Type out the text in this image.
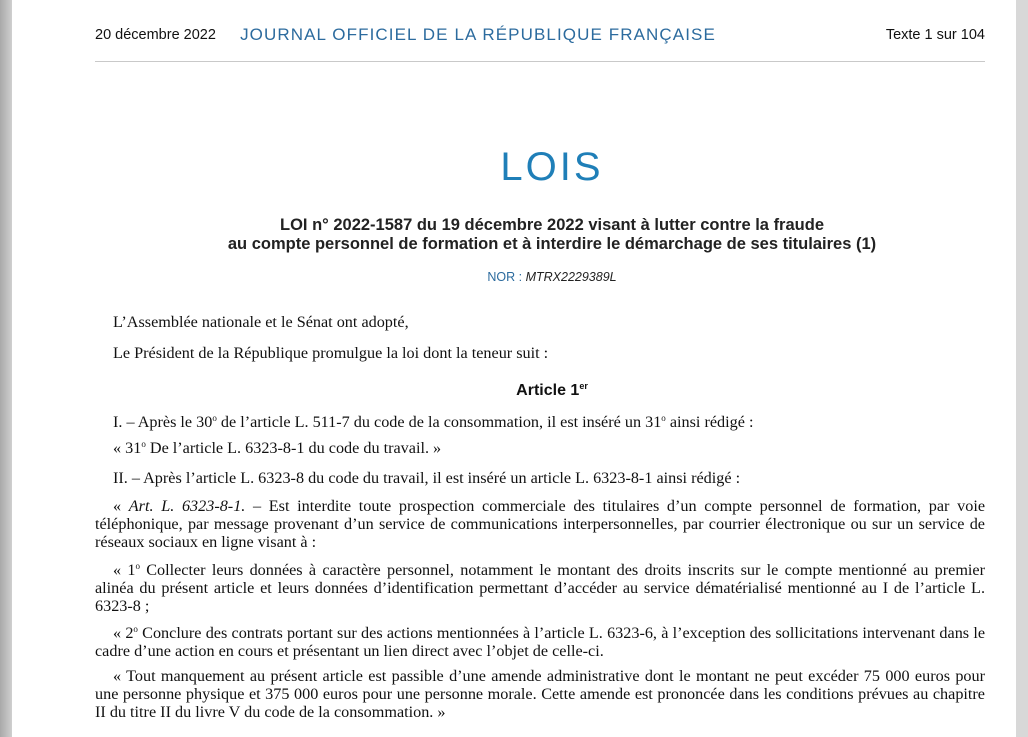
20 décembre 2022	JOURNAL OFFICIEL DE LA RÉPUBLIQUE FRANÇAISE	Texte 1 sur 104
LOIS
LOI n° 2022-1587 du 19 décembre 2022 visant à lutter contre la fraude
au compte personnel de formation et à interdire le démarchage de ses titulaires (1)
NOR : MTRX2229389L
L’Assemblée nationale et le Sénat ont adopté,
Le Président de la République promulgue la loi dont la teneur suit :
Article 1er
I. – Après le 30$^o$ de l’article L. 511-7 du code de la consommation, il est inséré un 31$^o$ ainsi rédigé :
« 31$^o$ De l’article L. 6323-8-1 du code du travail. »
II. – Après l’article L. 6323-8 du code du travail, il est inséré un article L. 6323-8-1 ainsi rédigé :
« Art. L. 6323-8-1. – Est interdite toute prospection commerciale des titulaires d’un compte personnel de formation, par voie téléphonique, par message provenant d’un service de communications interpersonnelles, par courrier électronique ou sur un service de réseaux sociaux en ligne visant à :
« 1$^o$ Collecter leurs données à caractère personnel, notamment le montant des droits inscrits sur le compte mentionné au premier alinéa du présent article et leurs données d’identification permettant d’accéder au service dématérialisé mentionné au I de l’article L. 6323-8 ;
« 2$^o$ Conclure des contrats portant sur des actions mentionnées à l’article L. 6323-6, à l’exception des sollicitations intervenant dans le cadre d’une action en cours et présentant un lien direct avec l’objet de celle-ci.
« Tout manquement au présent article est passible d’une amende administrative dont le montant ne peut excéder 75 000 euros pour une personne physique et 375 000 euros pour une personne morale. Cette amende est prononcée dans les conditions prévues au chapitre II du titre II du livre V du code de la consommation. »
